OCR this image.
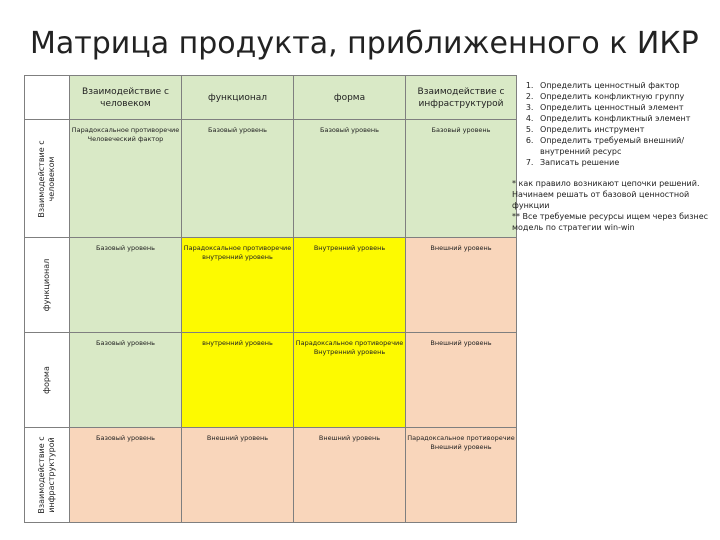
Матрица продукта, приближенного к ИКР
	Взаимодействие с человеком	функционал	форма	Взаимодействие с инфраструктурой

Взаимодействие с человеком	Парадоксальное противоречие Человеческий фактор	Базовый уровень	Базовый уровень	Базовый уровень

функционал	Базовый уровень	Парадоксальное противоречие внутренний уровень	Внутренний уровень	Внешний уровень

форма	Базовый уровень	внутренний уровень	Парадоксальное противоречие Внутренний уровень	Внешний уровень

Взаимодействие с инфраструктурой	Базовый уровень	Внешний уровень	Внешний уровень	Парадоксальное противоречие Внешний уровень
1. Определить ценностный фактор
2. Определить конфликтную группу
3. Определить ценностный элемент
4. Определить конфликтный элемент
5. Определить инструмент
6. Определить требуемый внешний/внутренний ресурс
7. Записать решение

* как правило возникают цепочки решений. Начинаем решать от базовой ценностной функции

** Все требуемые ресурсы ищем через бизнес модель по стратегии win-win
